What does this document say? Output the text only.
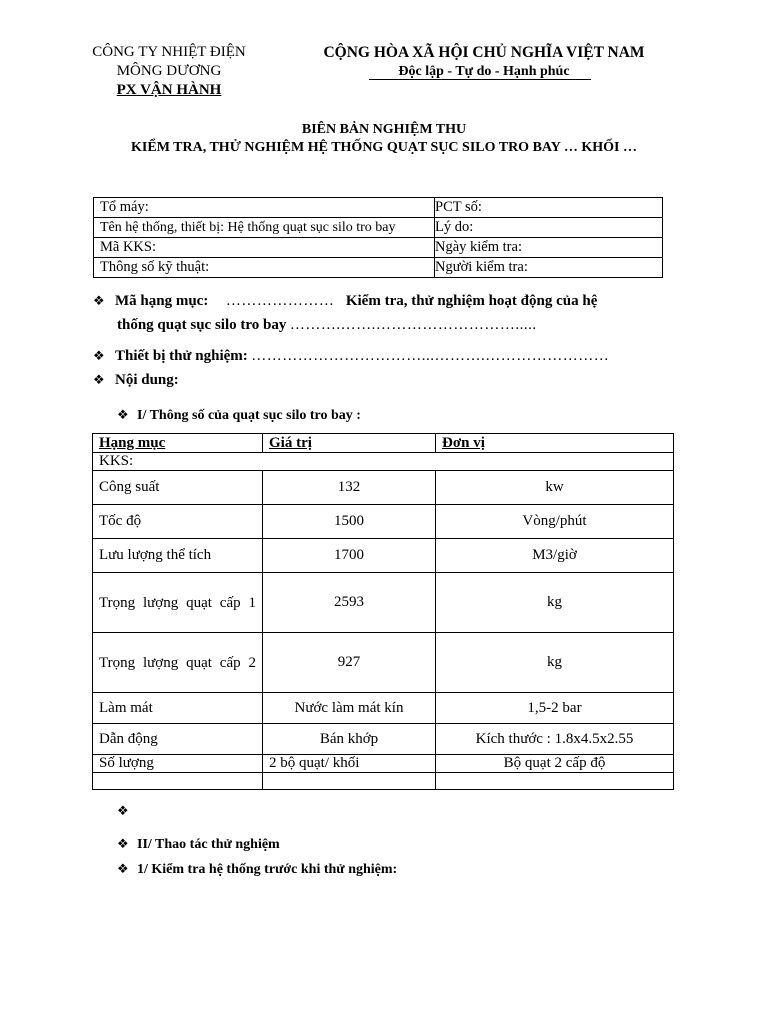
CÔNG TY NHIỆT ĐIỆN
MÔNG DƯƠNG
PX VẬN HÀNH
CỘNG HÒA XÃ HỘI CHỦ NGHĨA VIỆT NAM
Độc lập - Tự do - Hạnh phúc
BIÊN BẢN NGHIỆM THU
KIỂM TRA, THỬ NGHIỆM HỆ THỐNG QUẠT SỤC SILO TRO BAY … KHỐI …
Tổ máy:	PCT số:
Tên hệ thống, thiết bị: Hệ thống quạt sục silo tro bay	Lý do:
Mã KKS:	Ngày kiểm tra:
Thông số kỹ thuật:	Người kiểm tra:
❖ Mã hạng mục: ………………… Kiểm tra, thử nghiệm hoạt động của hệ
thống quạt sục silo tro bay ……….…….……………………….....
❖ Thiết bị thử nghiệm: ……………………………...……….……………………
❖ Nội dung:
❖ I/ Thông số của quạt sục silo tro bay :
Hạng mục	Giá trị	Đơn vị
KKS:		
Công suất	132	kw
Tốc độ	1500	Vòng/phút
Lưu lượng thể tích	1700	M3/giờ

Trọng lượng quạt cấp 1	2593	kg

Trọng lượng quạt cấp 2	927	kg
Làm mát	Nước làm mát kín	1,5-2 bar
Dẫn động	Bán khớp	Kích thước : 1.8x4.5x2.55
Số lượng	2 bộ quạt/ khối	Bộ quạt 2 cấp độ

❖
❖ II/ Thao tác thử nghiệm
❖ 1/ Kiểm tra hệ thống trước khi thử nghiệm:
